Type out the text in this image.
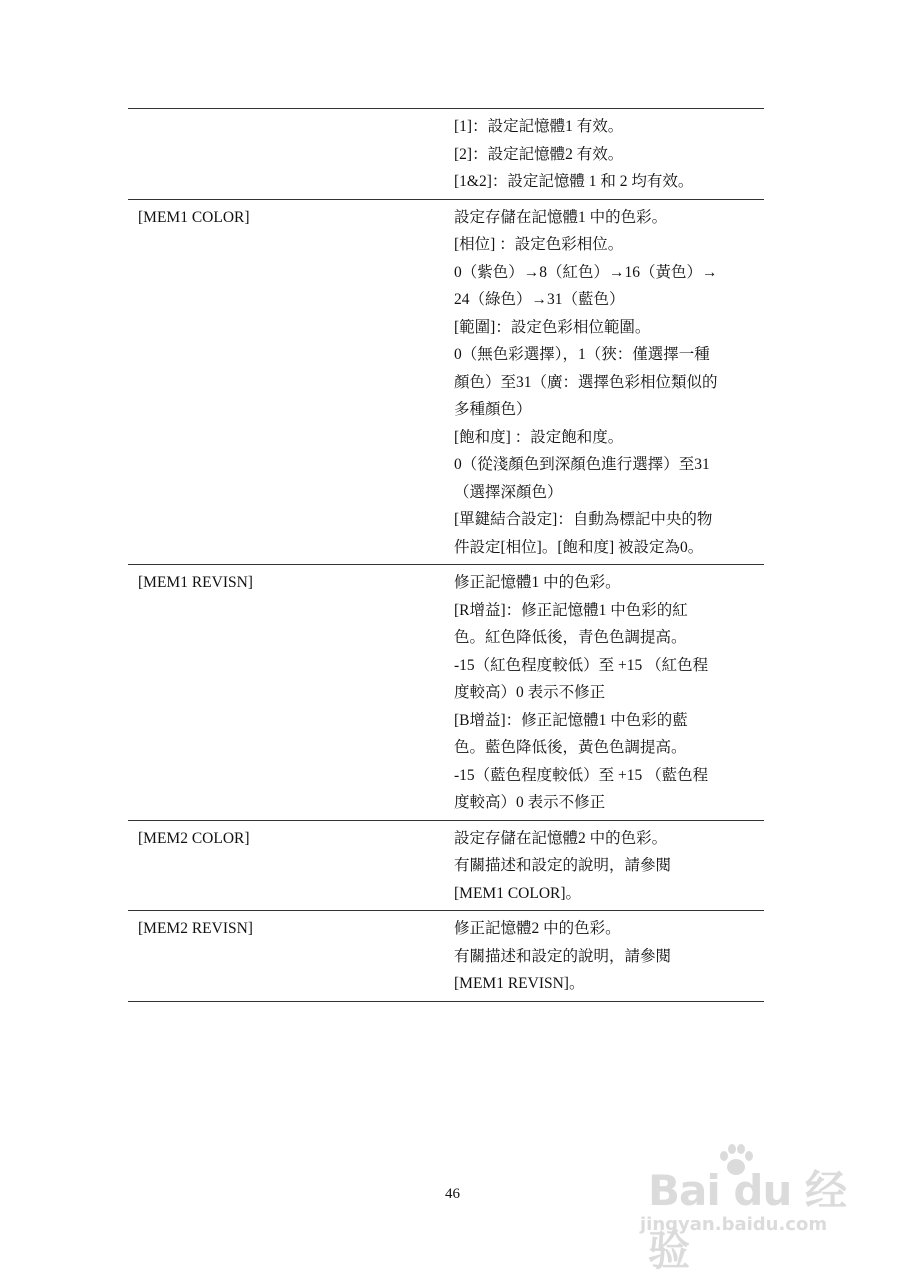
[1]：設定記憶體1 有效。
[2]：設定記憶體2 有效。
[1&2]：設定記憶體 1 和 2 均有效。
[MEM1 COLOR]	設定存儲在記憶體1 中的色彩。
[相位] ：設定色彩相位。
0（紫色）→8（紅色）→16（黃色）→
24（綠色）→31（藍色）
[範圍]：設定色彩相位範圍。
0（無色彩選擇），1（狹：僅選擇一種
顏色）至31（廣：選擇色彩相位類似的
多種顏色）
[飽和度] ：設定飽和度。
0（從淺顏色到深顏色進行選擇）至31
（選擇深顏色）
[單鍵結合設定]：自動為標記中央的物
件設定[相位]。[飽和度] 被設定為0。
[MEM1 REVISN]	修正記憶體1 中的色彩。
[R增益]：修正記憶體1 中色彩的紅
色。紅色降低後，青色色調提高。
-15（紅色程度較低）至 +15 （紅色程
度較高）0 表示不修正
[B增益]：修正記憶體1 中色彩的藍
色。藍色降低後，黃色色調提高。
-15（藍色程度較低）至 +15 （藍色程
度較高）0 表示不修正
[MEM2 COLOR]	設定存儲在記憶體2 中的色彩。
有關描述和設定的說明，請參閱
[MEM1 COLOR]。
[MEM2 REVISN]	修正記憶體2 中的色彩。
有關描述和設定的說明，請參閱
[MEM1 REVISN]。
46	Bai du 经验
jingyan.baidu.com
